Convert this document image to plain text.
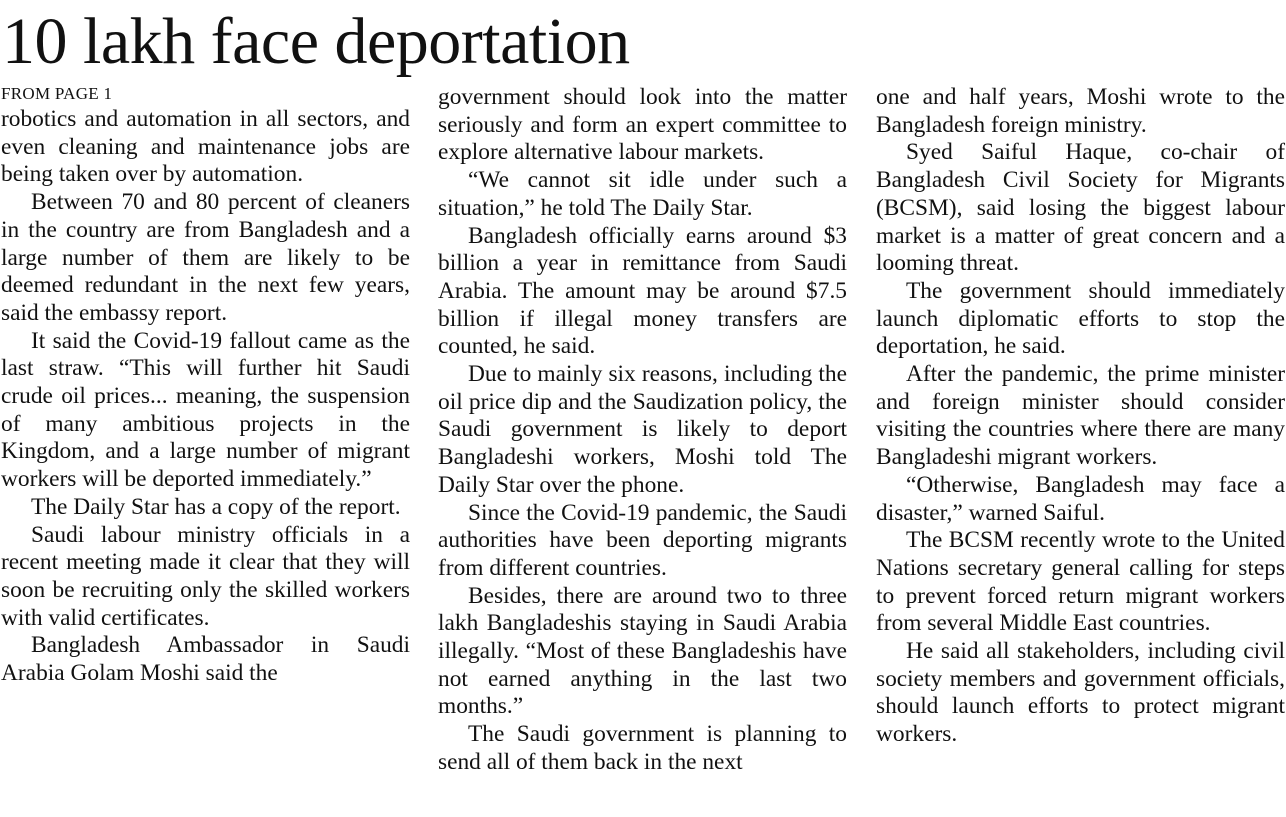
10 lakh face deportation
FROM PAGE 1

robotics and automation in all sectors, and even cleaning and maintenance jobs are being taken over by automation.

Between 70 and 80 percent of cleaners in the country are from Bangladesh and a large number of them are likely to be deemed redundant in the next few years, said the embassy report.

It said the Covid-19 fallout came as the last straw. “This will further hit Saudi crude oil prices... meaning, the suspension of many ambitious projects in the Kingdom, and a large number of migrant workers will be deported immediately.”

The Daily Star has a copy of the report.

Saudi labour ministry officials in a recent meeting made it clear that they will soon be recruiting only the skilled workers with valid certificates.

Bangladesh Ambassador in Saudi Arabia Golam Moshi said the

government should look into the matter seriously and form an expert committee to explore alternative labour markets.

“We cannot sit idle under such a situation,” he told The Daily Star.

Bangladesh officially earns around $3 billion a year in remittance from Saudi Arabia. The amount may be around $7.5 billion if illegal money transfers are counted, he said.

Due to mainly six reasons, including the oil price dip and the Saudization policy, the Saudi government is likely to deport Bangladeshi workers, Moshi told The Daily Star over the phone.

Since the Covid-19 pandemic, the Saudi authorities have been deporting migrants from different countries.

Besides, there are around two to three lakh Bangladeshis staying in Saudi Arabia illegally. “Most of these Bangladeshis have not earned anything in the last two months.”

The Saudi government is planning to send all of them back in the next

one and half years, Moshi wrote to the Bangladesh foreign ministry.

Syed Saiful Haque, co-chair of Bangladesh Civil Society for Migrants (BCSM), said losing the biggest labour market is a matter of great concern and a looming threat.

The government should immediately launch diplomatic efforts to stop the deportation, he said.

After the pandemic, the prime minister and foreign minister should consider visiting the countries where there are many Bangladeshi migrant workers.

“Otherwise, Bangladesh may face a disaster,” warned Saiful.

The BCSM recently wrote to the United Nations secretary general calling for steps to prevent forced return migrant workers from several Middle East countries.

He said all stakeholders, including civil society members and government officials, should launch efforts to protect migrant workers.
